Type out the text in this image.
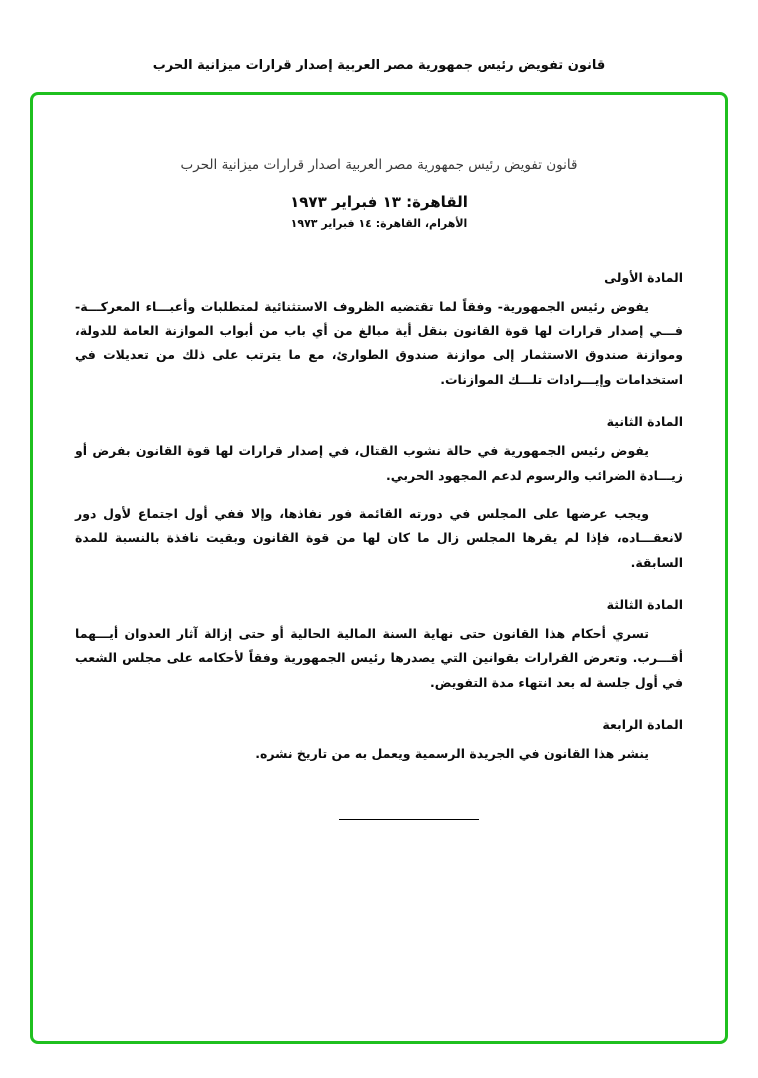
قانون تفويض رئيس جمهورية مصر العربية إصدار قرارات ميزانية الحرب
قانون تفويض رئيس جمهورية مصر العربية اصدار قرارات ميزانية الحرب
القاهرة: ١٣ فبراير ١٩٧٣
الأهرام، القاهرة: ١٤ فبراير ١٩٧٣
المادة الأولى

يفوض رئيس الجمهورية- وفقاً لما تقتضيه الظروف الاستثنائية لمتطلبات وأعبـــاء المعركـــة- فـــي إصدار قرارات لها قوة القانون بنقل أية مبالغ من أي باب من أبواب الموازنة العامة للدولة، وموازنة صندوق الاستثمار إلى موازنة صندوق الطوارئ، مع ما يترتب على ذلك من تعديلات في استخدامات وإيـــرادات تلـــك الموازنات.

المادة الثانية

يفوض رئيس الجمهورية في حالة نشوب القتال، في إصدار قرارات لها قوة القانون بفرض أو زيـــادة الضرائب والرسوم لدعم المجهود الحربي.

ويجب عرضها على المجلس في دورته القائمة فور نفاذها، وإلا ففي أول اجتماع لأول دور لانعقـــاده، فإذا لم يقرها المجلس زال ما كان لها من قوة القانون وبقيت نافذة بالنسبة للمدة السابقة.

المادة الثالثة

تسري أحكام هذا القانون حتى نهاية السنة المالية الحالية أو حتى إزالة آثار العدوان أيـــهما أقـــرب. وتعرض القرارات بقوانين التي يصدرها رئيس الجمهورية وفقاً لأحكامه على مجلس الشعب في أول جلسة له بعد انتهاء مدة التفويض.

المادة الرابعة

ينشر هذا القانون في الجريدة الرسمية ويعمل به من تاريخ نشره.
